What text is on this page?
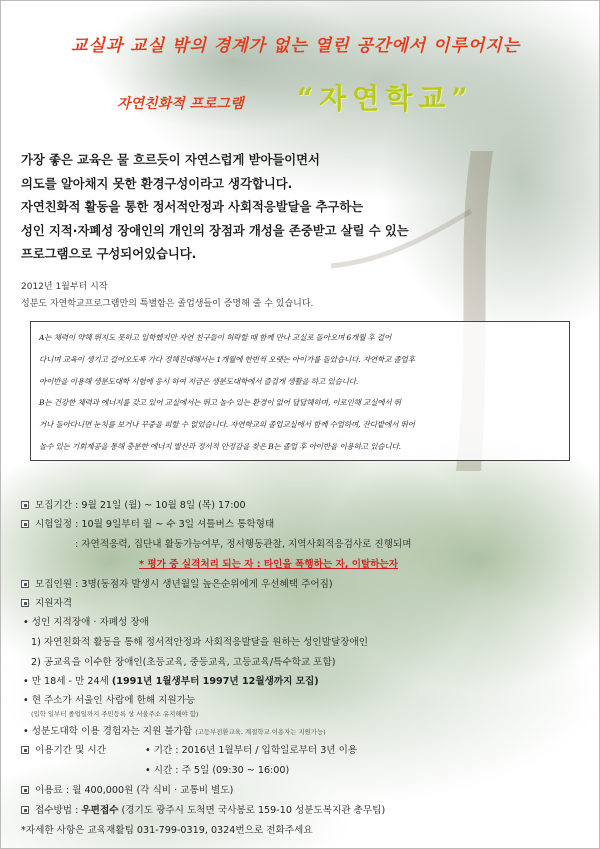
교실과 교실 밖의 경계가 없는 열린 공간에서 이루어지는
자연친화적 프로그램 “자연학교”
가장 좋은 교육은 물 흐르듯이 자연스럽게 받아들이면서
의도를 알아채지 못한 환경구성이라고 생각합니다.
자연친화적 활동을 통한 정서적안정과 사회적응발달을 추구하는
성인 지적·자폐성 장애인의 개인의 장점과 개성을 존중받고 살릴 수 있는
프로그램으로 구성되어있습니다.
2012년 1월부터 시작
성분도 자연학교프로그램만의 특별함은 졸업생들이 증명해 줄 수 있습니다.
A는 체력이 약해 뛰지도 못하고 입학했지만 자연 친구들이 허락할 때 함께 만나 교실로 돌아오며 6개월 후 걸어
다니며 교육이 생기고 걸어오도록 가다 정해진대해서는 1개월에 한번씩 오랫는 아이가를 돌았습니다. 자연학교 졸업후
아이반을 이용해 생분도대학 시험에 응시 하여 지금은 생분도대학에서 즐겁게 생활을 하고 있습니다.
B는 건강한 체력과 에너지를 갖고 있어 교실에서는 뛰고 놀수 있는 환경이 없어 답답해하며, 이로인해 교실에서 뛰
거나 돌아다니면 눈치를 보거나 꾸중을 피할 수 없었습니다. 자연학교의 졸업교실에서 함께 수업하며, 잔디밭에서 뛰어
놀수 있는 기회제공을 통해 충분한 에너지 발산과 정서적 안정감을 찾은 B는 졸업 후 아이반을 이용하고 있습니다.
모집기간 : 9월 21일 (월) ~ 10월 8일 (목) 17:00
시험일정 : 10월 9일부터 월 ~ 수 3일 셔틀버스 통학형태
: 자연적응력, 집단내 활동가능여부, 정서행동관찰, 지역사회적응검사로 진행되며
* 평가 중 실격처리 되는 자 : 타인을 폭행하는 자, 이탈하는자
모집인원 : 3명(동점자 발생시 생년월일 높은순위에게 우선혜택 주어짐)
지원자격
• 성인 지적장애 · 자폐성 장애
1) 자연친화적 활동을 통해 정서적안정과 사회적응발달을 원하는 성인발달장애인
2) 공교육을 이수한 장애인(초등교육, 중등교육, 고등교육/특수학교 포함)
• 만 18세 - 만 24세 (1991년 1월생부터 1997년 12월생까지 모집)
• 현 주소가 서울인 사람에 한해 지원가능
(입학 일부터 졸업일까지 주민등록 상 서울주소 유지해야 함)
• 성분도대학 이용 경험자는 지원 불가함 (고등부전환교육, 계절학교 이용자는 지원가능)
이용기간 및 시간	• 기간 : 2016년 1월부터 / 입학일로부터 3년 이용
• 시간 : 주 5일 (09:30 ~ 16:00)
이용료 : 월 400,000원 (각 식비 · 교통비 별도)
접수방법 : 우편접수 (경기도 광주시 도척면 국사봉로 159-10 성분도복지관 총무팀)
*자세한 사항은 교육재활팀 031-799-0319, 0324번으로 전화주세요
